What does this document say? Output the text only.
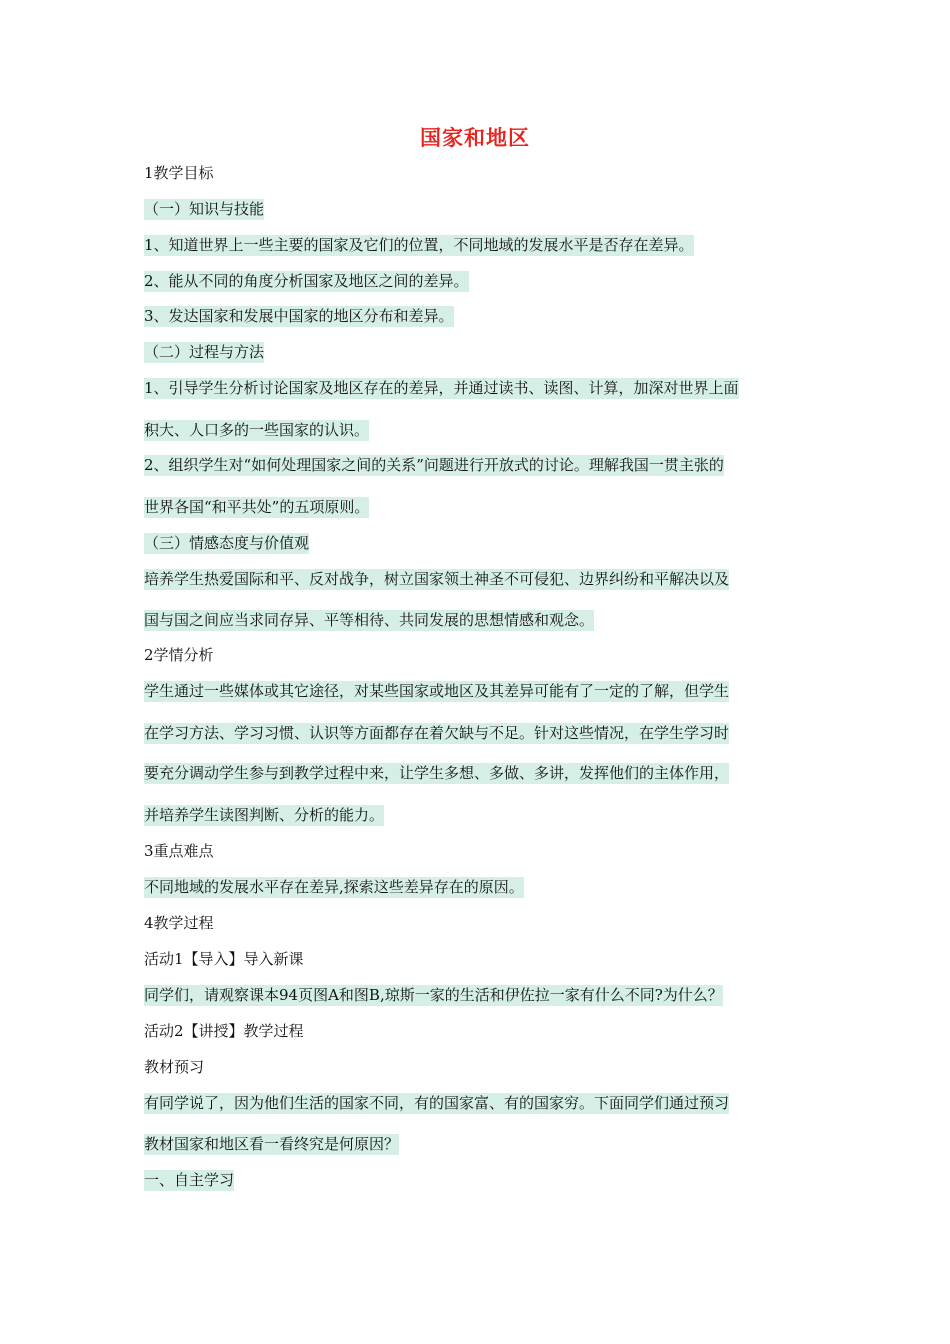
国家和地区
1教学目标
（一）知识与技能
1、知道世界上一些主要的国家及它们的位置，不同地域的发展水平是否存在差异。
2、能从不同的角度分析国家及地区之间的差异。
3、发达国家和发展中国家的地区分布和差异。
（二）过程与方法
1、引导学生分析讨论国家及地区存在的差异，并通过读书、读图、计算，加深对世界上面
积大、人口多的一些国家的认识。
2、组织学生对“如何处理国家之间的关系”问题进行开放式的讨论。理解我国一贯主张的
世界各国“和平共处”的五项原则。
（三）情感态度与价值观
培养学生热爱国际和平、反对战争，树立国家领土神圣不可侵犯、边界纠纷和平解决以及
国与国之间应当求同存异、平等相待、共同发展的思想情感和观念。
2学情分析
学生通过一些媒体或其它途径，对某些国家或地区及其差异可能有了一定的了解，但学生
在学习方法、学习习惯、认识等方面都存在着欠缺与不足。针对这些情况，在学生学习时
要充分调动学生参与到教学过程中来，让学生多想、多做、多讲，发挥他们的主体作用，
并培养学生读图判断、分析的能力。
3重点难点
不同地域的发展水平存在差异,探索这些差异存在的原因。
4教学过程
活动1【导入】导入新课
同学们，请观察课本94页图A和图B,琼斯一家的生活和伊佐拉一家有什么不同?为什么？
活动2【讲授】教学过程
教材预习
有同学说了，因为他们生活的国家不同，有的国家富、有的国家穷。下面同学们通过预习
教材国家和地区看一看终究是何原因？
一、自主学习
